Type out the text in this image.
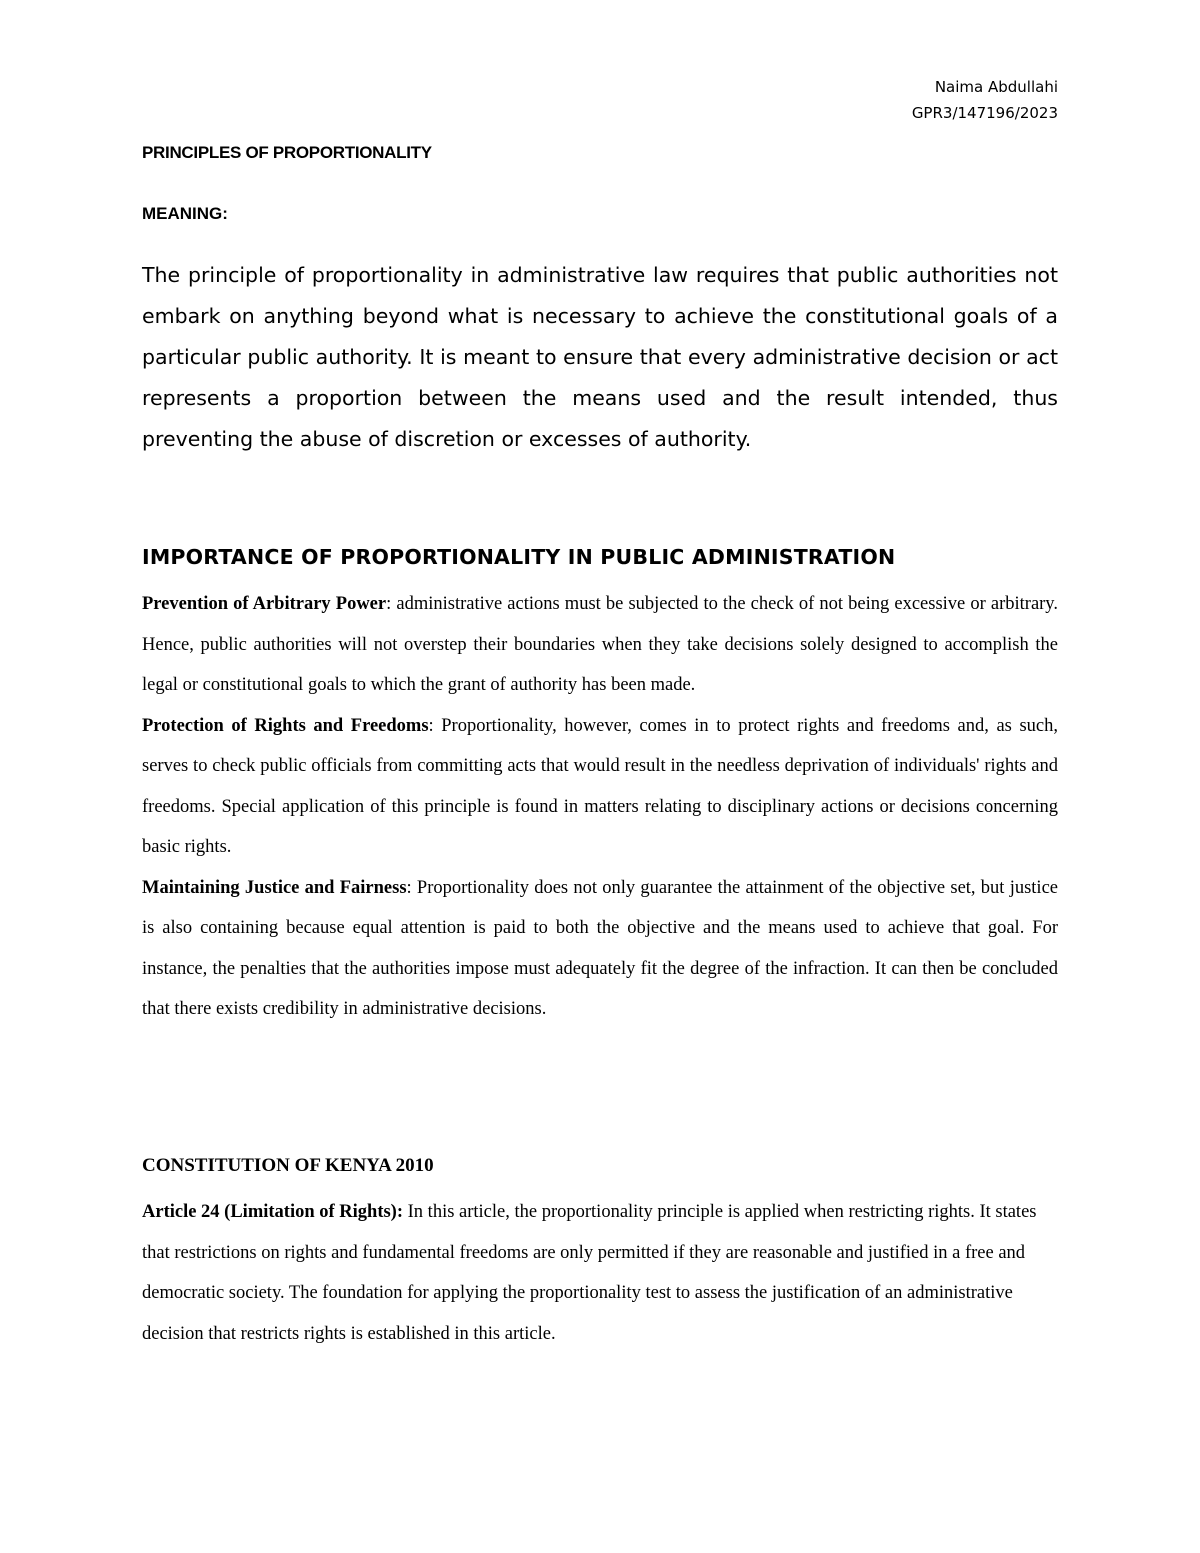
Naima Abdullahi
GPR3/147196/2023
PRINCIPLES OF PROPORTIONALITY
MEANING:

The principle of proportionality in administrative law requires that public authorities not embark on anything beyond what is necessary to achieve the constitutional goals of a particular public authority. It is meant to ensure that every administrative decision or act represents a proportion between the means used and the result intended, thus preventing the abuse of discretion or excesses of authority.

IMPORTANCE OF PROPORTIONALITY IN PUBLIC ADMINISTRATION

Prevention of Arbitrary Power: administrative actions must be subjected to the check of not being excessive or arbitrary. Hence, public authorities will not overstep their boundaries when they take decisions solely designed to accomplish the legal or constitutional goals to which the grant of authority has been made.

Protection of Rights and Freedoms: Proportionality, however, comes in to protect rights and freedoms and, as such, serves to check public officials from committing acts that would result in the needless deprivation of individuals' rights and freedoms. Special application of this principle is found in matters relating to disciplinary actions or decisions concerning basic rights.

Maintaining Justice and Fairness: Proportionality does not only guarantee the attainment of the objective set, but justice is also containing because equal attention is paid to both the objective and the means used to achieve that goal. For instance, the penalties that the authorities impose must adequately fit the degree of the infraction. It can then be concluded that there exists credibility in administrative decisions.

CONSTITUTION OF KENYA 2010

Article 24 (Limitation of Rights): In this article, the proportionality principle is applied when restricting rights. It states that restrictions on rights and fundamental freedoms are only permitted if they are reasonable and justified in a free and democratic society. The foundation for applying the proportionality test to assess the justification of an administrative decision that restricts rights is established in this article.
